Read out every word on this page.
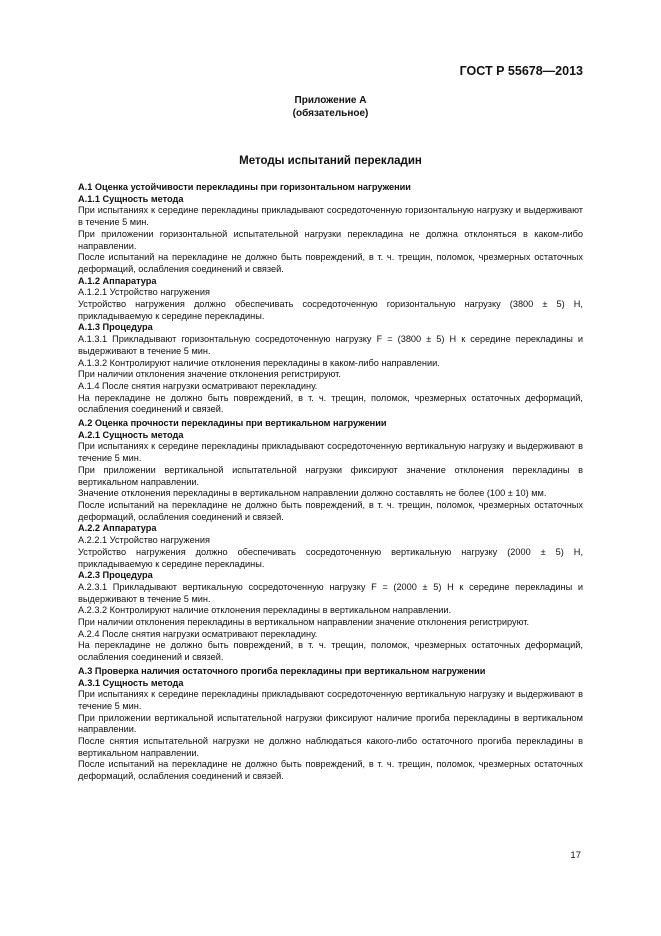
ГОСТ Р 55678—2013
Приложение А
(обязательное)
Методы испытаний перекладин

А.1 Оценка устойчивости перекладины при горизонтальном нагружении

А.1.1 Сущность метода

При испытаниях к середине перекладины прикладывают сосредоточенную горизонтальную нагрузку и выдерживают в течение 5 мин.

При приложении горизонтальной испытательной нагрузки перекладина не должна отклоняться в каком-либо направлении.

После испытаний на перекладине не должно быть повреждений, в т. ч. трещин, поломок, чрезмерных остаточных деформаций, ослабления соединений и связей.

А.1.2 Аппаратура

А.1.2.1 Устройство нагружения

Устройство нагружения должно обеспечивать сосредоточенную горизонтальную нагрузку (3800 ± 5) Н, прикладываемую к середине перекладины.

А.1.3 Процедура

А.1.3.1 Прикладывают горизонтальную сосредоточенную нагрузку F = (3800 ± 5) Н к середине перекладины и выдерживают в течение 5 мин.

А.1.3.2 Контролируют наличие отклонения перекладины в каком-либо направлении.

При наличии отклонения значение отклонения регистрируют.

А.1.4 После снятия нагрузки осматривают перекладину.

На перекладине не должно быть повреждений, в т. ч. трещин, поломок, чрезмерных остаточных деформаций, ослабления соединений и связей.

А.2 Оценка прочности перекладины при вертикальном нагружении

А.2.1 Сущность метода

При испытаниях к середине перекладины прикладывают сосредоточенную вертикальную нагрузку и выдерживают в течение 5 мин.

При приложении вертикальной испытательной нагрузки фиксируют значение отклонения перекладины в вертикальном направлении.

Значение отклонения перекладины в вертикальном направлении должно составлять не более (100 ± 10) мм.

После испытаний на перекладине не должно быть повреждений, в т. ч. трещин, поломок, чрезмерных остаточных деформаций, ослабления соединений и связей.

А.2.2 Аппаратура

А.2.2.1 Устройство нагружения

Устройство нагружения должно обеспечивать сосредоточенную вертикальную нагрузку (2000 ± 5) Н, прикладываемую к середине перекладины.

А.2.3 Процедура

А.2.3.1 Прикладывают вертикальную сосредоточенную нагрузку F = (2000 ± 5) Н к середине перекладины и выдерживают в течение 5 мин.

А.2.3.2 Контролируют наличие отклонения перекладины в вертикальном направлении.

При наличии отклонения перекладины в вертикальном направлении значение отклонения регистрируют.

А.2.4 После снятия нагрузки осматривают перекладину.

На перекладине не должно быть повреждений, в т. ч. трещин, поломок, чрезмерных остаточных деформаций, ослабления соединений и связей.

А.3 Проверка наличия остаточного прогиба перекладины при вертикальном нагружении

А.3.1 Сущность метода

При испытаниях к середине перекладины прикладывают сосредоточенную вертикальную нагрузку и выдерживают в течение 5 мин.

При приложении вертикальной испытательной нагрузки фиксируют наличие прогиба перекладины в вертикальном направлении.

После снятия испытательной нагрузки не должно наблюдаться какого-либо остаточного прогиба перекладины в вертикальном направлении.

После испытаний на перекладине не должно быть повреждений, в т. ч. трещин, поломок, чрезмерных остаточных деформаций, ослабления соединений и связей.

17
